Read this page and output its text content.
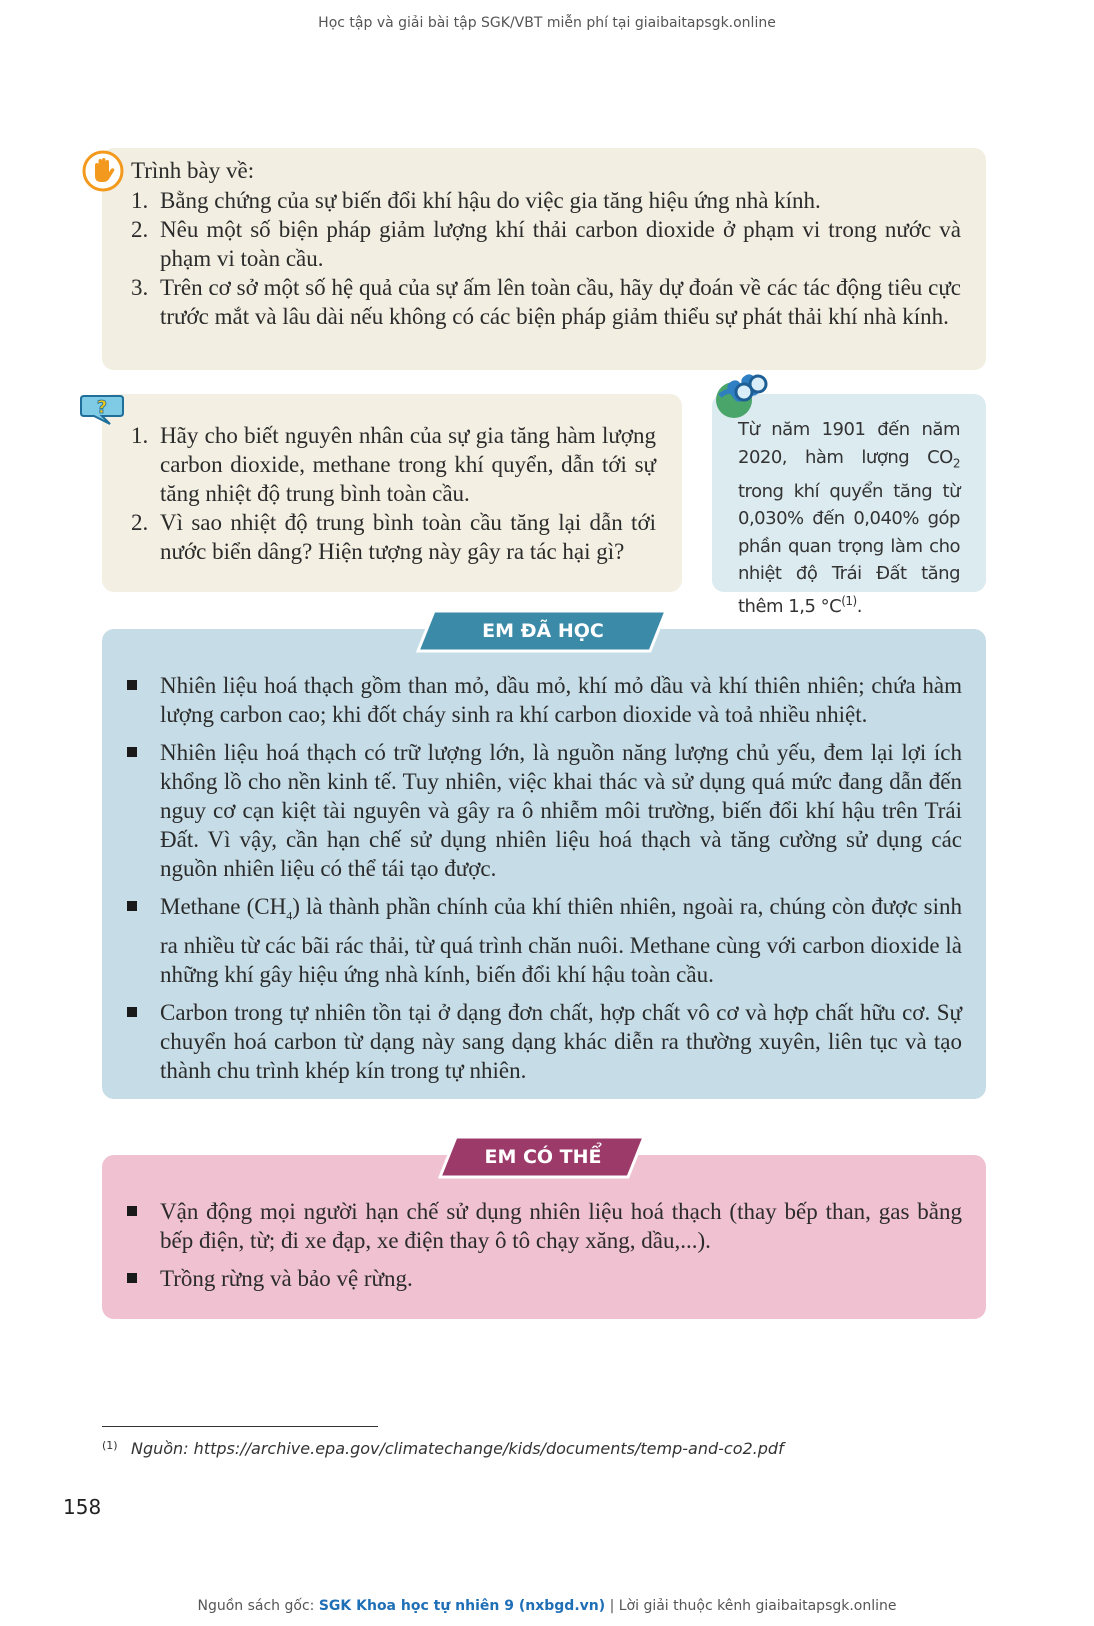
Học tập và giải bài tập SGK/VBT miễn phí tại giaibaitapsgk.online
Trình bày về:
1. Bằng chứng của sự biến đổi khí hậu do việc gia tăng hiệu ứng nhà kính.
2. Nêu một số biện pháp giảm lượng khí thải carbon dioxide ở phạm vi trong nước và phạm vi toàn cầu.
3. Trên cơ sở một số hệ quả của sự ấm lên toàn cầu, hãy dự đoán về các tác động tiêu cực trước mắt và lâu dài nếu không có các biện pháp giảm thiểu sự phát thải khí nhà kính.
?
1. Hãy cho biết nguyên nhân của sự gia tăng hàm lượng carbon dioxide, methane trong khí quyển, dẫn tới sự tăng nhiệt độ trung bình toàn cầu.
2. Vì sao nhiệt độ trung bình toàn cầu tăng lại dẫn tới nước biển dâng? Hiện tượng này gây ra tác hại gì?
Từ năm 1901 đến năm 2020, hàm lượng $CO_2$ trong khí quyển tăng từ 0,030% đến 0,040% góp phần quan trọng làm cho nhiệt độ Trái Đất tăng thêm 1,5 $^\circ C^{(1)}$.
EM ĐÃ HỌC
Nhiên liệu hoá thạch gồm than mỏ, dầu mỏ, khí mỏ dầu và khí thiên nhiên; chứa hàm lượng carbon cao; khi đốt cháy sinh ra khí carbon dioxide và toả nhiều nhiệt.
Nhiên liệu hoá thạch có trữ lượng lớn, là nguồn năng lượng chủ yếu, đem lại lợi ích khổng lồ cho nền kinh tế. Tuy nhiên, việc khai thác và sử dụng quá mức đang dẫn đến nguy cơ cạn kiệt tài nguyên và gây ra ô nhiễm môi trường, biến đổi khí hậu trên Trái Đất. Vì vậy, cần hạn chế sử dụng nhiên liệu hoá thạch và tăng cường sử dụng các nguồn nhiên liệu có thể tái tạo được.
Methane $(CH_4)$ là thành phần chính của khí thiên nhiên, ngoài ra, chúng còn được sinh ra nhiều từ các bãi rác thải, từ quá trình chăn nuôi. Methane cùng với carbon dioxide là những khí gây hiệu ứng nhà kính, biến đổi khí hậu toàn cầu.
Carbon trong tự nhiên tồn tại ở dạng đơn chất, hợp chất vô cơ và hợp chất hữu cơ. Sự chuyển hoá carbon từ dạng này sang dạng khác diễn ra thường xuyên, liên tục và tạo thành chu trình khép kín trong tự nhiên.
EM CÓ THỂ
Vận động mọi người hạn chế sử dụng nhiên liệu hoá thạch (thay bếp than, gas bằng bếp điện, từ; đi xe đạp, xe điện thay ô tô chạy xăng, dầu,...).
Trồng rừng và bảo vệ rừng.
(1) Nguồn: https://archive.epa.gov/climatechange/kids/documents/temp-and-co2.pdf
158
Nguồn sách gốc: SGK Khoa học tự nhiên 9 (nxbgd.vn) | Lời giải thuộc kênh giaibaitapsgk.online
